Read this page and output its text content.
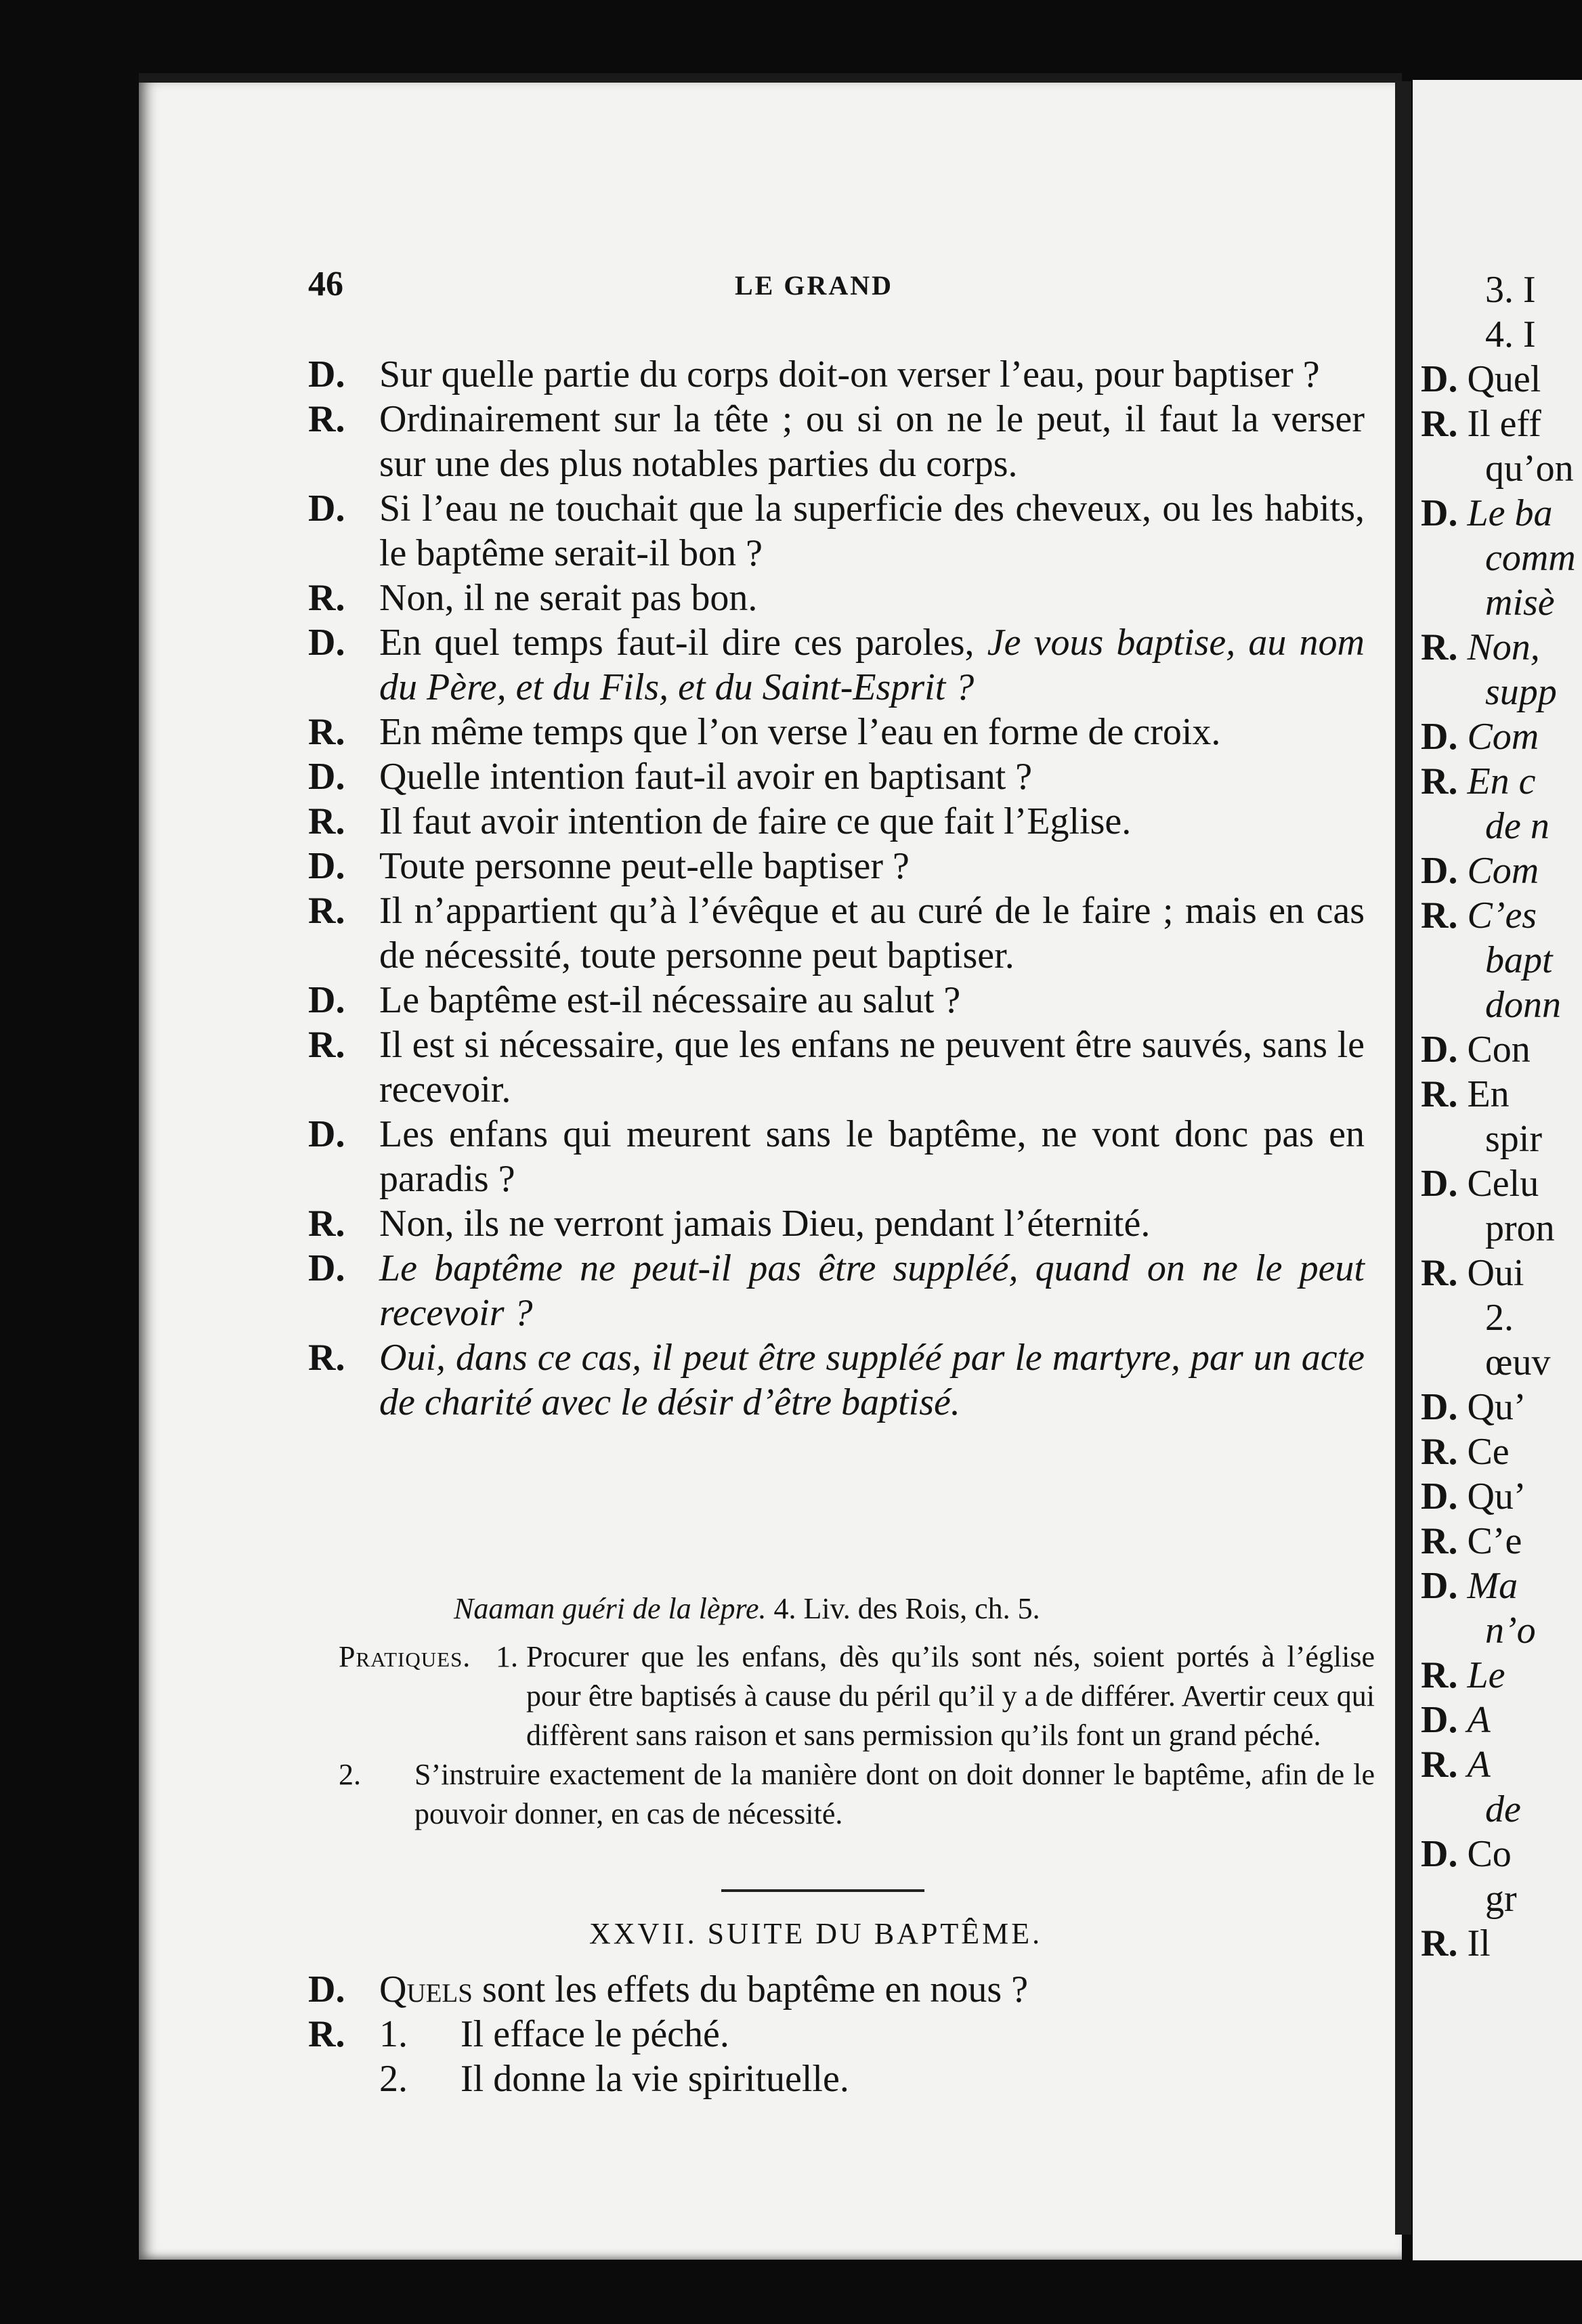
46	LE GRAND
D. Sur quelle partie du corps doit-on verser l’eau, pour baptiser ?
R. Ordinairement sur la tête ; ou si on ne le peut, il faut la verser sur une des plus notables parties du corps.
D. Si l’eau ne touchait que la superficie des cheveux, ou les habits, le baptême serait-il bon ?
R. Non, il ne serait pas bon.
D. En quel temps faut-il dire ces paroles, Je vous baptise, au nom du Père, et du Fils, et du Saint-Esprit ?
R. En même temps que l’on verse l’eau en forme de croix.
D. Quelle intention faut-il avoir en baptisant ?
R. Il faut avoir intention de faire ce que fait l’Eglise.
D. Toute personne peut-elle baptiser ?
R. Il n’appartient qu’à l’évêque et au curé de le faire ; mais en cas de nécessité, toute personne peut baptiser.
D. Le baptême est-il nécessaire au salut ?
R. Il est si nécessaire, que les enfans ne peuvent être sauvés, sans le recevoir.
D. Les enfans qui meurent sans le baptême, ne vont donc pas en paradis ?
R. Non, ils ne verront jamais Dieu, pendant l’éternité.
D. Le baptême ne peut-il pas être suppléé, quand on ne le peut recevoir ?
R. Oui, dans ce cas, il peut être suppléé par le martyre, par un acte de charité avec le désir d’être baptisé.
Naaman guéri de la lèpre. 4. Liv. des Rois, ch. 5.
Pratiques. 1. Procurer que les enfans, dès qu’ils sont nés, soient portés à l’église pour être baptisés à cause du péril qu’il y a de différer. Avertir ceux qui diffèrent sans raison et sans permission qu’ils font un grand péché.
2.	S’instruire exactement de la manière dont on doit donner le baptême, afin de le pouvoir donner, en cas de nécessité.
XXVII. SUITE DU BAPTÊME.
D. Quels sont les effets du baptême en nous ?
R. 1.	Il efface le péché.
2.	Il donne la vie spirituelle.
3. I
4. I
D. Quel
R. Il eff
qu’on
D. Le ba
comm
misè
R. Non,
supp
D. Com
R. En c
de n
D. Com
R. C’es
bapt
donn
D. Con
R. En
spir
D. Celu
pron
R. Oui
2.
œuv
D. Qu’
R. Ce
D. Qu’
R. C’e
D. Ma
n’o
R. Le
D. A
R. A
de
D. Co
gr
R. Il
